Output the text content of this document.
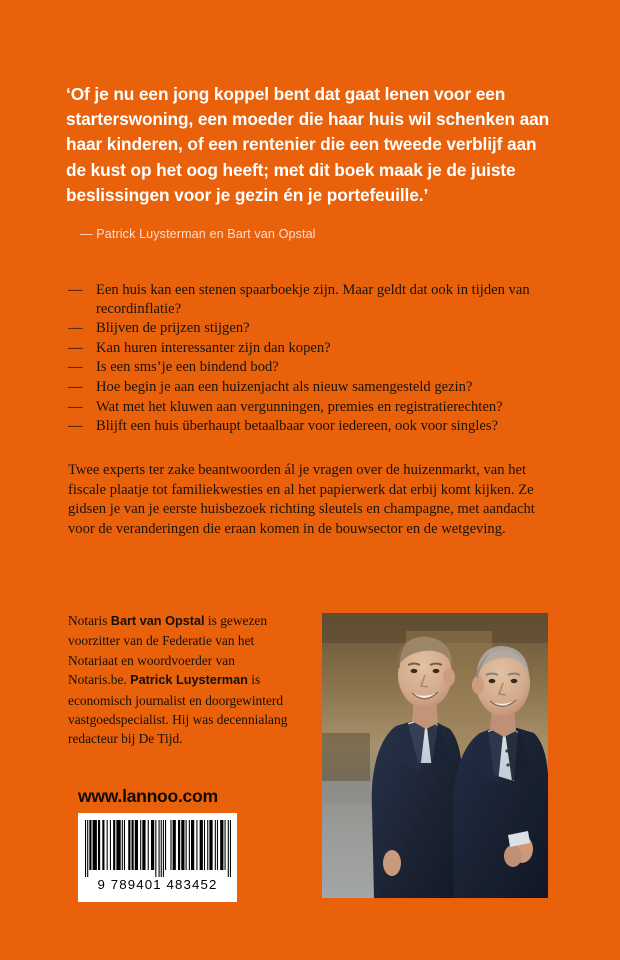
‘Of je nu een jong koppel bent dat gaat lenen voor een starterswoning, een moeder die haar huis wil schenken aan haar kinderen, of een rentenier die een tweede verblijf aan de kust op het oog heeft; met dit boek maak je de juiste beslissingen voor je gezin én je portefeuille.’

— Patrick Luysterman en Bart van Opstal

— Een huis kan een stenen spaarboekje zijn. Maar geldt dat ook in tijden van recordinflatie?
— Blijven de prijzen stijgen?
— Kan huren interessanter zijn dan kopen?
— Is een sms’je een bindend bod?
— Hoe begin je aan een huizenjacht als nieuw samengesteld gezin?
— Wat met het kluwen aan vergunningen, premies en registratierechten?
— Blijft een huis überhaupt betaalbaar voor iedereen, ook voor singles?

Twee experts ter zake beantwoorden ál je vragen over de huizenmarkt, van het fiscale plaatje tot familiekwesties en al het papierwerk dat erbij komt kijken. Ze gidsen je van je eerste huisbezoek richting sleutels en champagne, met aandacht voor de veranderingen die eraan komen in de bouwsector en de wetgeving.

Notaris Bart van Opstal is gewezen voorzitter van de Federatie van het Notariaat en woordvoerder van Notaris.be. Patrick Luysterman is economisch journalist en doorgewinterd vastgoedspecialist. Hij was decennialang redacteur bij De Tijd.

www.lannoo.com

9 789401 483452
